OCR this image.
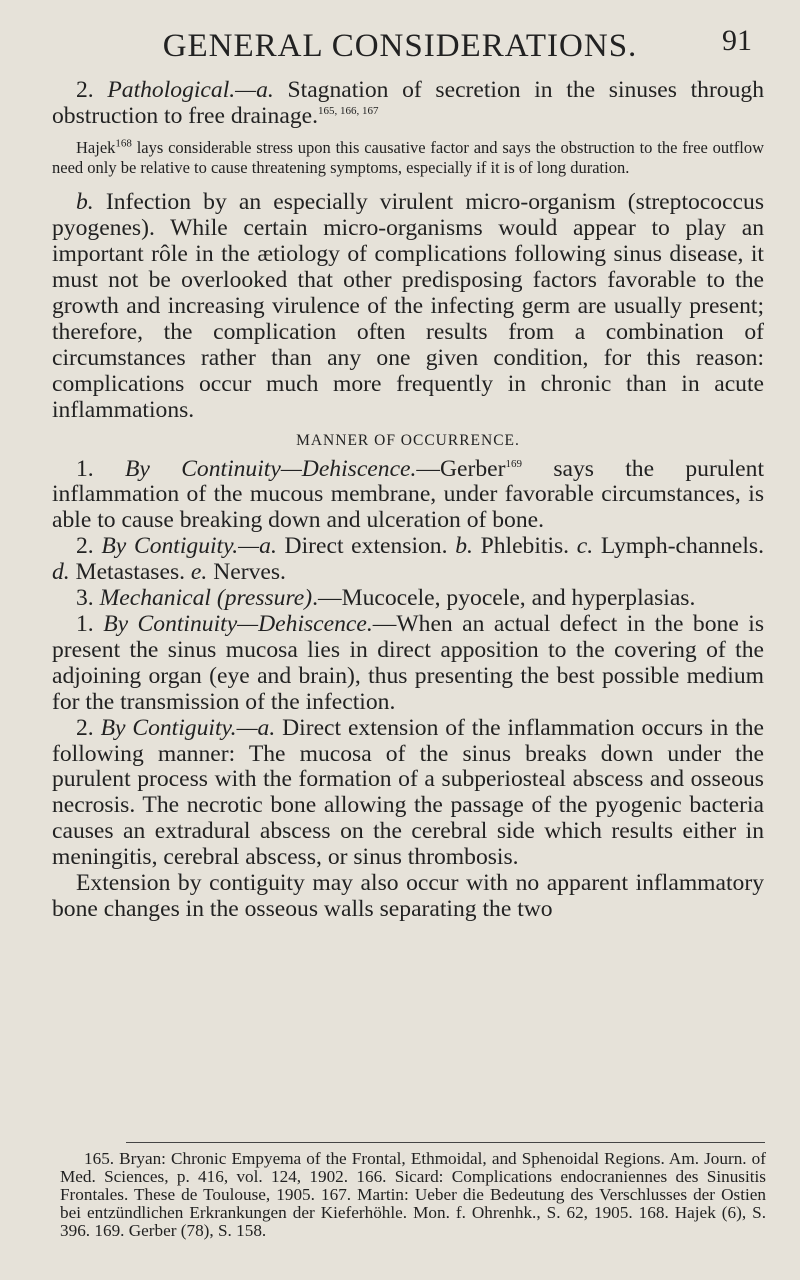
GENERAL CONSIDERATIONS.	91

2. Pathological.—a. Stagnation of secretion in the sinuses through obstruction to free drainage.$^{165, 166, 167}$

Hajek$^{168}$ lays considerable stress upon this causative factor and says the obstruction to the free outflow need only be relative to cause threatening symptoms, especially if it is of long duration.

b. Infection by an especially virulent micro-organism (streptococcus pyogenes). While certain micro-organisms would appear to play an important rôle in the ætiology of complications following sinus disease, it must not be overlooked that other predisposing factors favorable to the growth and increasing virulence of the infecting germ are usually present; therefore, the complication often results from a combination of circumstances rather than any one given condition, for this reason: complications occur much more frequently in chronic than in acute inflammations.

MANNER OF OCCURRENCE.

1. By Continuity—Dehiscence.—Gerber$^{169}$ says the purulent inflammation of the mucous membrane, under favorable circumstances, is able to cause breaking down and ulceration of bone.

2. By Contiguity.—a. Direct extension. b. Phlebitis. c. Lymph-channels. d. Metastases. e. Nerves.

3. Mechanical (pressure).—Mucocele, pyocele, and hyperplasias.

1. By Continuity—Dehiscence.—When an actual defect in the bone is present the sinus mucosa lies in direct apposition to the covering of the adjoining organ (eye and brain), thus presenting the best possible medium for the transmission of the infection.

2. By Contiguity.—a. Direct extension of the inflammation occurs in the following manner: The mucosa of the sinus breaks down under the purulent process with the formation of a subperiosteal abscess and osseous necrosis. The necrotic bone allowing the passage of the pyogenic bacteria causes an extradural abscess on the cerebral side which results either in meningitis, cerebral abscess, or sinus thrombosis.

Extension by contiguity may also occur with no apparent inflammatory bone changes in the osseous walls separating the two

165. Bryan: Chronic Empyema of the Frontal, Ethmoidal, and Sphenoidal Regions. Am. Journ. of Med. Sciences, p. 416, vol. 124, 1902. 166. Sicard: Complications endocraniennes des Sinusitis Frontales. These de Toulouse, 1905. 167. Martin: Ueber die Bedeutung des Verschlusses der Ostien bei entzündlichen Erkrankungen der Kieferhöhle. Mon. f. Ohrenhk., S. 62, 1905. 168. Hajek (6), S. 396. 169. Gerber (78), S. 158.
